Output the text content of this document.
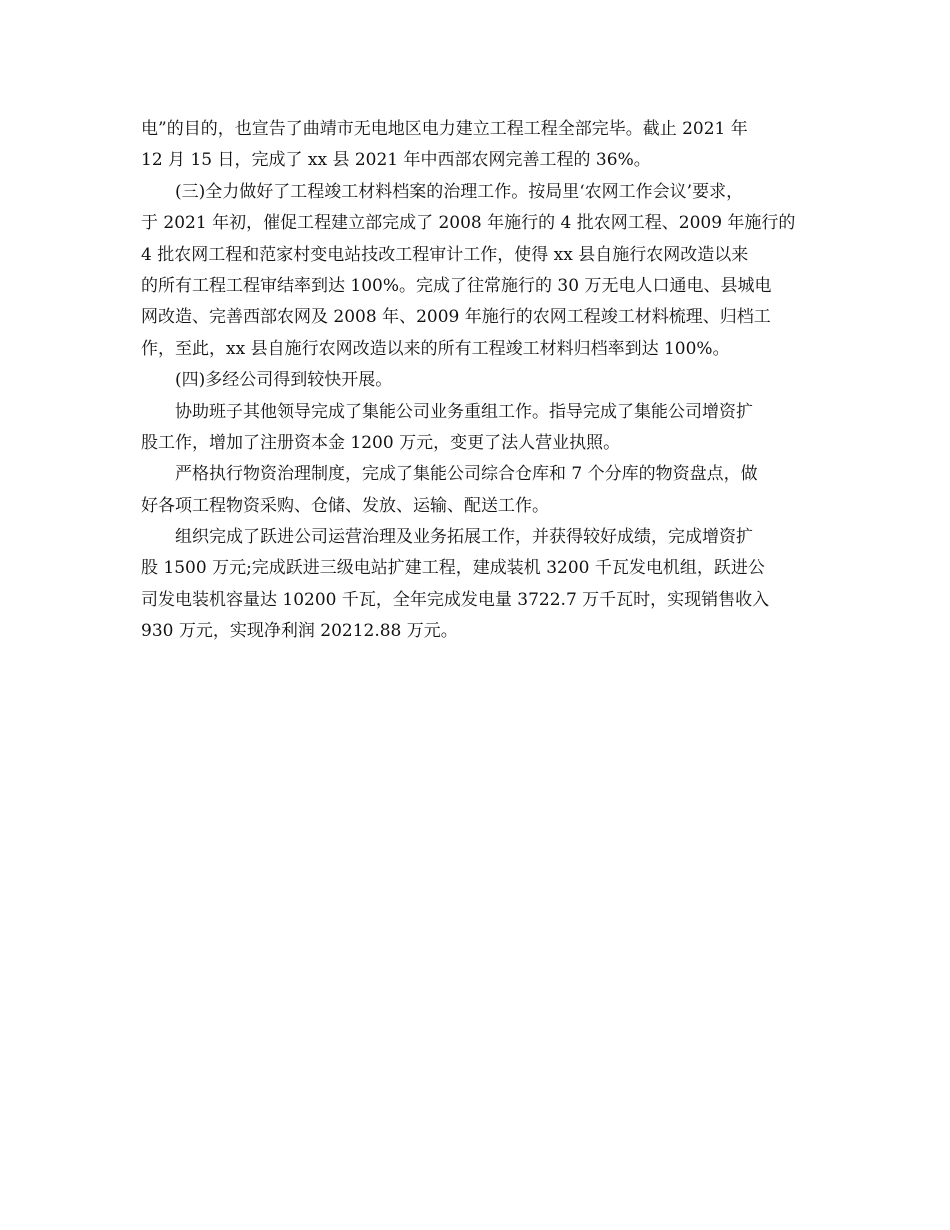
电”的目的，也宣告了曲靖市无电地区电力建立工程工程全部完毕。截止 2021 年
12 月 15 日，完成了 xx 县 2021 年中西部农网完善工程的 36%。
　　(三)全力做好了工程竣工材料档案的治理工作。按局里‘农网工作会议’要求，
于 2021 年初，催促工程建立部完成了 2008 年施行的 4 批农网工程、2009 年施行的
4 批农网工程和范家村变电站技改工程审计工作，使得 xx 县自施行农网改造以来
的所有工程工程审结率到达 100%。完成了往常施行的 30 万无电人口通电、县城电
网改造、完善西部农网及 2008 年、2009 年施行的农网工程竣工材料梳理、归档工
作，至此，xx 县自施行农网改造以来的所有工程竣工材料归档率到达 100%。
　　(四)多经公司得到较快开展。
　　协助班子其他领导完成了集能公司业务重组工作。指导完成了集能公司增资扩
股工作，增加了注册资本金 1200 万元，变更了法人营业执照。
　　严格执行物资治理制度，完成了集能公司综合仓库和 7 个分库的物资盘点，做
好各项工程物资采购、仓储、发放、运输、配送工作。
　　组织完成了跃进公司运营治理及业务拓展工作，并获得较好成绩，完成增资扩
股 1500 万元;完成跃进三级电站扩建工程，建成装机 3200 千瓦发电机组，跃进公
司发电装机容量达 10200 千瓦，全年完成发电量 3722.7 万千瓦时，实现销售收入
930 万元，实现净利润 20212.88 万元。
